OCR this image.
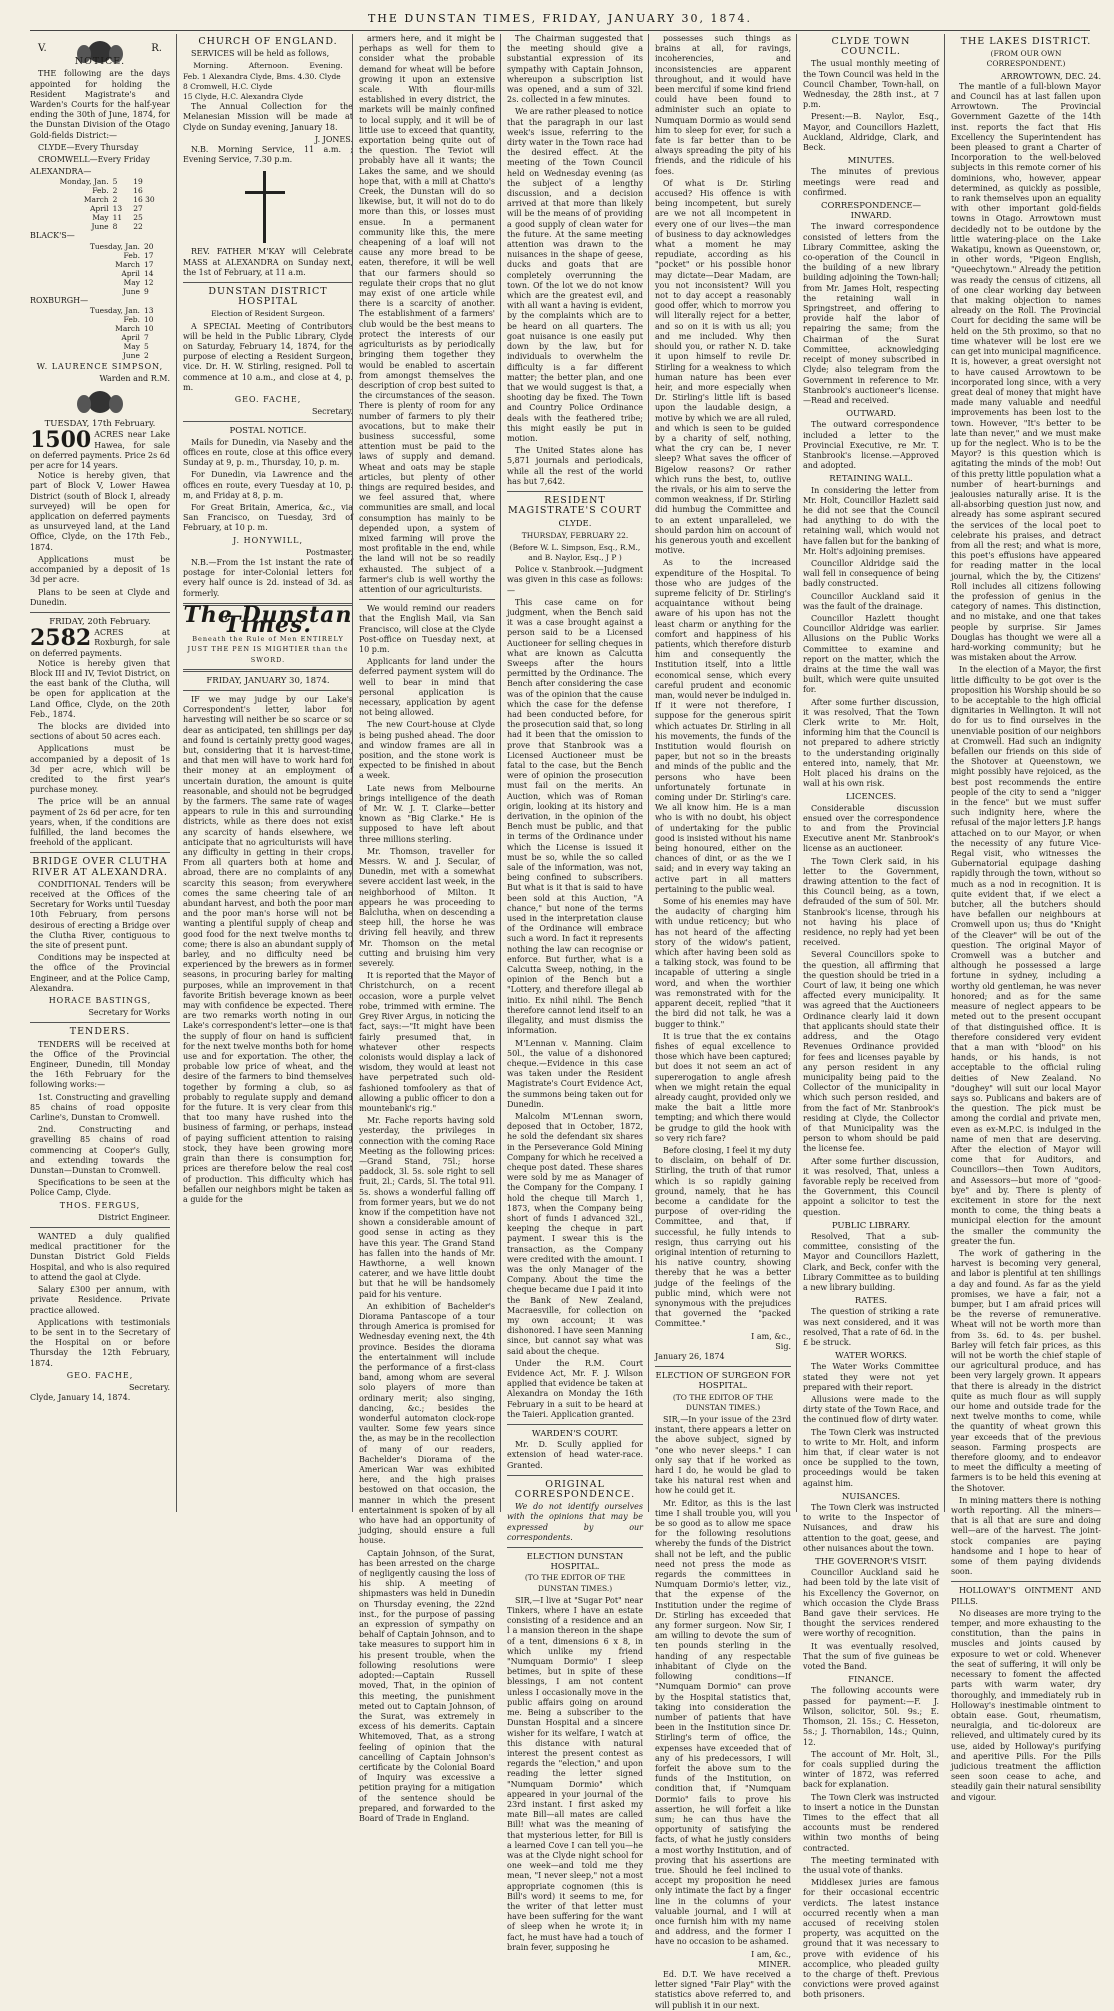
THE DUNSTAN TIMES, FRIDAY, JANUARY 30, 1874.
V.	R.
NOTICE.

THE following are the days appointed for holding the Resident Magistrate's and Warden's Courts for the half-year ending the 30th of June, 1874, for the Dunstan Division of the Otago Gold-fields District:—

CLYDE—Every Thursday

CROMWELL—Every Friday

ALEXANDRA—
Monday, Jan.	5	19
Feb.	2	16
March	2	16 30
April	13	27
May	11	25
June	8	22
BLACK'S—
Tuesday, Jan.	20
Feb.	17
March	17
April	14
May	12
June	9
ROXBURGH—
Tuesday, Jan.	13
Feb.	10
March	10
April	7
May	5
June	2
W. LAURENCE SIMPSON,
Warden and R.M.
TUESDAY, 17th February.
1500 ACRES near Lake Hawea, for sale on deferred payments. Price 2s 6d per acre for 14 years.

Notice is hereby given, that part of Block V, Lower Hawea District (south of Block I, already surveyed) will be open for application on deferred payments as unsurveyed land, at the Land Office, Clyde, on the 17th Feb., 1874.

Applications must be accompanied by a deposit of 1s 3d per acre.

Plans to be seen at Clyde and Dunedin.

FRIDAY, 20th February.
2582 ACRES at Roxburgh, for sale on deferred payments.

Notice is hereby given that Block III and IV, Teviot District, on the east bank of the Clutha, will be open for application at the Land Office, Clyde, on the 20th Feb., 1874.

The blocks are divided into sections of about 50 acres each.

Applications must be accompanied by a deposit of 1s 3d per acre, which will be credited to the first year's purchase money.

The price will be an annual payment of 2s 6d per acre, for ten years, when, if the conditions are fulfilled, the land becomes the freehold of the applicant.

BRIDGE OVER CLUTHA RIVER AT ALEXANDRA.

CONDITIONAL Tenders will be received at the Offices of the Secretary for Works until Tuesday 10th February, from persons desirous of erecting a Bridge over the Clutha River, contiguous to the site of present punt.

Conditions may be inspected at the office of the Provincial Engineer, and at the Police Camp, Alexandra.

HORACE BASTINGS,
Secretary for Works
TENDERS.

TENDERS will be received at the Office of the Provincial Engineer, Dunedin, till Monday the 16th February for the following works:—

1st. Constructing and gravelling 85 chains of road opposite Carline's, Dunstan to Cromwell.

2nd. Constructing and gravelling 85 chains of road commencing at Cooper's Gully, and extending towards the Dunstan—Dunstan to Cromwell.

Specifications to be seen at the Police Camp, Clyde.

THOS. FERGUS,
District Engineer.

WANTED a duly qualified medical practitioner for the Dunstan District Gold Fields Hospital, and who is also required to attend the gaol at Clyde.

Salary £300 per annum, with private Residence. Private practice allowed.

Applications with testimonials to be sent in to the Secretary of the Hospital on or before Thursday the 12th February, 1874.

GEO. FACHE,
Secretary.
Clyde, January 14, 1874.
CHURCH OF ENGLAND.

SERVICES will be held as follows,

Morning.	Afternoon.	Evening.
Feb. 1 Alexandra Clyde, Bms. 4.30. Clyde
8 Cromwell, H.C. Clyde
15 Clyde, H.C. Alexandra Clyde

The Annual Collection for the Melanesian Mission will be made at Clyde on Sunday evening, January 18.

J. JONES.

N.B. Morning Service, 11 a.m. ; Evening Service, 7.30 p.m.

REV. FATHER M'KAY will Celebrate MASS at ALEXANDRA on Sunday next, the 1st of February, at 11 a.m.

DUNSTAN DISTRICT HOSPITAL
Election of Resident Surgeon.

A SPECIAL Meeting of Contributors will be held in the Public Library, Clyde on Saturday, February 14, 1874, for the purpose of electing a Resident Surgeon, vice. Dr. H. W. Stirling, resigned. Poll to commence at 10 a.m., and close at 4, p. m.

GEO. FACHE,
Secretary.
POSTAL NOTICE.

Mails for Dunedin, via Naseby and the offices en route, close at this office every Sunday at 9, p. m., Thursday, 10, p. m.

For Dunedin, via Lawrence and the offices en route, every Tuesday at 10, p. m, and Friday at 8, p. m.

For Great Britain, America, &c., via San Francisco, on Tuesday, 3rd of February, at 10 p. m.

J. HONYWILL,
Postmaster.

N.B.—From the 1st instant the rate of postage for inter-Colonial letters for every half ounce is 2d. instead of 3d. as formerly.

The Dunstan Times.
Beneath the Rule of Men ENTIRELY JUST THE PEN IS MIGHTIER than the SWORD.
FRIDAY, JANUARY 30, 1874.

IF we may judge by our Lake's Correspondent's letter, labor for harvesting will neither be so scarce or so dear as anticipated, ten shillings per day and found is certainly pretty good wages, but, considering that it is harvest-time, and that men will have to work hard for their money at an employment of uncertain duration, the amount is quite reasonable, and should not be begrudged by the farmers. The same rate of wages appears to rule in this and surrounding districts, while as there does not exist any scarcity of hands elsewhere, we anticipate that no agriculturists will have any difficulty in getting in their crops. From all quarters both at home and abroad, there are no complaints of any scarcity this season; from everywhere comes the same cheering tale of an abundant harvest, and both the poor man and the poor man's horse will not be wanting a plentiful supply of cheap and good food for the next twelve months to come; there is also an abundant supply of barley, and no difficulty need be experienced by the brewers as in former seasons, in procuring barley for malting purposes, while an improvement in that favorite British beverage known as beer may with confidence be expected. There are two remarks worth noting in our Lake's correspondent's letter—one is that the supply of flour on hand is sufficient for the next twelve months both for home use and for exportation. The other, the probable low price of wheat, and the desire of the farmers to bind themselves together by forming a club, so as probably to regulate supply and demand for the future. It is very clear from this that too many have rushed into the business of farming, or perhaps, instead of paying sufficient attention to raising stock, they have been growing more grain than there is consumption for, prices are therefore below the real cost of production. This difficulty which has befallen our neighbors might be taken as a guide for the

armers here, and it might be perhaps as well for them to consider what the probable demand for wheat will be before growing it upon an extensive scale. With flour-mills established in every district, the markets will be mainly confined to local supply, and it will be of little use to exceed that quantity, exportation being quite out of the question. The Teviot will probably have all it wants; the Lakes the same, and we should hope that, with a mill at Chatto's Creek, the Dunstan will do so likewise, but, it will not do to do more than this, or losses must ensue. In a permanent community like this, the mere cheapening of a loaf will not cause any more bread to be eaten, therefore, it will be well that our farmers should so regulate their crops that no glut may exist of one article while there is a scarcity of another. The establishment of a farmers' club would be the best means to protect the interests of our agriculturists as by periodically bringing them together they would be enabled to ascertain from amongst themselves the description of crop best suited to the circumstances of the season. There is plenty of room for any number of farmers to ply their avocations, but to make their business successful, some attention must be paid to the laws of supply and demand. Wheat and oats may be staple articles, but plenty of other things are required besides, and we feel assured that, where communities are small, and local consumption has mainly to be depended upon, a system of mixed farming will prove the most profitable in the end, while the land will not be so readily exhausted. The subject of a farmer's club is well worthy the attention of our agriculturists.

We would remind our readers that the English Mail, via San Francisco, will close at the Clyde Post-office on Tuesday next, at 10 p.m.

Applicants for land under the deferred payment system will do well to bear in mind that personal application is necessary, application by agent not being allowed.

The new Court-house at Clyde is being pushed ahead. The door and window frames are all in position, and the stone work is expected to be finished in about a week.

Late news from Melbourne brings intelligence of the death of Mr. W. J. T. Clarke—better known as "Big Clarke." He is supposed to have left about three millions sterling.

Mr. Thomson, traveller for Messrs. W. and J. Secular, of Dunedin, met with a somewhat severe accident last week, in the neighborhood of Milton. It appears he was proceeding to Balclutha, when on descending a steep hill, the horse he was driving fell heavily, and threw Mr. Thomson on the metal cutting and bruising him very severely.

It is reported that the Mayor of Christchurch, on a recent occasion, wore a purple velvet robe, trimmed with ermine. The Grey River Argus, in noticing the fact, says:—"It might have been fairly presumed that, in whatever other respects colonists would display a lack of wisdom, they would at least not have perpetrated such old-fashioned tomfoolery as that of allowing a public officer to don a mountebank's rig."

Mr. Fache reports having sold yesterday, the privileges in connection with the coming Race Meeting as the following prices:—Grand Stand, 75l.; horse paddock, 3l. 5s. sole right to sell fruit, 2l.; Cards, 5l. The total 91l. 5s. shows a wonderful falling off from former years, but we do not know if the competition have not shown a considerable amount of good sense in acting as they have this year. The Grand Stand has fallen into the hands of Mr. Hawthorne, a well known caterer, and we have little doubt but that he will be handsomely paid for his venture.

An exhibition of Bachelder's Diorama Pantascope of a tour through America is promised for Wednesday evening next, the 4th province. Besides the diorama the entertainment will include the performance of a first-class band, among whom are several solo players of more than ordinary merit; also singing, dancing, &c.; besides the wonderful automaton clock-rope vaulter. Some few years since the, as may be in the recollection of many of our readers, Bachelder's Diorama of the American War was exhibited here, and the high praises bestowed on that occasion, the manner in which the present entertainment is spoken of by all who have had an opportunity of judging, should ensure a full house.

Captain Johnson, of the Surat, has been arrested on the charge of negligently causing the loss of his ship. A meeting of shipmasters was held in Dunedin on Thursday evening, the 22nd inst., for the purpose of passing an expression of sympathy on behalf of Captain Johnson, and to take measures to support him in his present trouble, when the following resolutions were adopted:—Captain Russell moved, That, in the opinion of this meeting, the punishment meted out to Captain Johnson, of the Surat, was extremely in excess of his demerits. Captain Whitemoved, That, as a strong feeling of opinion that the cancelling of Captain Johnson's certificate by the Colonial Board of Inquiry was excessive a petition praying for a mitigation of the sentence should be prepared, and forwarded to the Board of Trade in England.

The Chairman suggested that the meeting should give a substantial expression of its sympathy with Captain Johnson, whereupon a subscription list was opened, and a sum of 32l. 2s. collected in a few minutes.

We are rather pleased to notice that the paragraph in our last week's issue, referring to the dirty water in the Town race had the desired effect. At the meeting of the Town Council held on Wednesday evening (as the subject of a lengthy discussion, and a decision arrived at that more than likely will be the means of of providing a good supply of clean water for the future. At the same meeting attention was drawn to the nuisances in the shape of geese, ducks and goats that are completely overrunning the town. Of the lot we do not know which are the greatest evil, and with all want a having is evident, by the complaints which are to be heard on all quarters. The goat nuisance is one easily put down by the law, but for individuals to overwhelm the difficulty is a far different matter; the better plan, and one that we would suggest is that, a shooting day be fixed. The Town and Country Police Ordinance deals with the feathered tribe; this might easily be put in motion.

The United States alone has 5,871 journals and periodicals, while all the rest of the world has but 7,642.

RESIDENT MAGISTRATE'S COURT
CLYDE.
THURSDAY, FEBRUARY 22.
(Before W. L. Simpson, Esq., R.M., and B. Naylor, Esq., J P )

Police v. Stanbrook.—Judgment was given in this case as follows:—

This case came on for judgment, when the Bench said it was a case brought against a person said to be a Licensed Auctioneer for selling cheques in what are known as Calcutta Sweeps after the hours permitted by the Ordinance. The Bench after considering the case was of the opinion that the cause which the case for the defense had been conducted before, for the prosecution said that, so long had it been that the omission to prove that Stanbrook was a Licensed Auctioneer must be fatal to the case, but the Bench were of opinion the prosecution must fail on the merits. An Auction, which was of Roman origin, looking at its history and derivation, in the opinion of the Bench must be public, and that in terms of the Ordinance under which the License is issued it must be so, while the so called sale of the information, was not, being confined to subscribers. But what is it that is said to have been sold at this Auction, "A chance," but none of the terms used in the interpretation clause of the Ordinance will embrace such a word. In fact it represents nothing the law can recognise or enforce. But further, what is a Calcutta Sweep, nothing, in the opinion of the Bench but a "Lottery, and therefore illegal ab initio. Ex nihil nihil. The Bench therefore cannot lend itself to an illegality, and must dismiss the information.

M'Lennan v. Manning. Claim 50l., the value of a dishonored cheque.—Evidence in this case was taken under the Resident Magistrate's Court Evidence Act, the summons being taken out for Dunedin.

Malcolm M'Lennan sworn, deposed that in October, 1872, he sold the defendant six shares in the Perseverance Gold Mining Company for which he received a cheque post dated. These shares were sold by me as Manager of the Company for the Company. I hold the cheque till March 1, 1873, when the Company being short of funds I advanced 32l., keeping the cheque in part payment. I swear this is the transaction, as the Company were credited with the amount. I was the only Manager of the Company. About the time the cheque became due I paid it into the Bank of New Zealand, Macraesville, for collection on my own account; it was dishonored. I have seen Manning since, but cannot say what was said about the cheque.

Under the R.M. Court Evidence Act, Mr. F. J. Wilson applied that evidence be taken at Alexandra on Monday the 16th February in a suit to be heard at the Taieri. Application granted.

WARDEN'S COURT.

Mr. D. Scully applied for extension of head water-race. Granted.

ORIGINAL CORRESPONDENCE.

We do not identify ourselves with the opinions that may be expressed by our correspondents.

ELECTION DUNSTAN HOSPITAL.
(TO THE EDITOR OF THE DUNSTAN TIMES.)

SIR,—I live at "Sugar Pot" near Tinkers, where I have an estate consisting of a residence and an l a mansion thereon in the shape of a tent, dimensions 6 x 8, in which unlike my friend "Numquam Dormio" I sleep betimes, but in spite of these blessings, I am not content unless I occasionally move in the public affairs going on around me. Being a subscriber to the Dunstan Hospital and a sincere wisher for its welfare, I watch at this distance with natural interest the present contest as regards the "election," and upon reading the letter signed "Numquam Dormio" which appeared in your journal of the 23rd instant. I first asked my mate Bill—all mates are called Bill! what was the meaning of that mysterious letter, for Bill is a learned Cove I can tell you—he was at the Clyde night school for one week—and told me they mean, "I never sleep," not a most appropriate cognomen (this is Bill's word) it seems to me, for the writer of that letter must have been suffering for the want of sleep when he wrote it; in fact, he must have had a touch of brain fever, supposing he

possesses such things as brains at all, for ravings, incoherencies, and inconsistencies are apparent throughout, and it would have been merciful if some kind friend could have been found to administer such an opiate to Numquam Dormio as would send him to sleep for ever, for such a fate is far better than to be always spreading the pity of his friends, and the ridicule of his foes.

Of what is Dr. Stirling accused? His offence is with being incompetent, but surely are we not all incompetent in every one of our lives—the man of business to day acknowledges what a moment he may repudiate, according as his "pocket" or his possible honor may dictate—Dear Madam, are you not inconsistent? Will you not to day accept a reasonably good offer, which to morrow you will literally reject for a better, and so on it is with us all; you and me included. Why then should you, or rather N. D. take it upon himself to revile Dr. Stirling for a weakness to which human nature has been ever heir, and more especially when Dr. Stirling's little lift is based upon the laudable design, a motive by which we are all ruled, and which is seen to be guided by a charity of self, nothing, what the cry can be, I never sleep? What saves the officer of Bigelow reasons? Or rather which runs the best, to, outlive the rivals, or his aim to serve the common weakness, if Dr. Stirling did humbug the Committee and to an extent unparalleled, we should pardon him on account of his generous youth and excellent motive.

As to the increased expenditure of the Hospital. To those who are judges of the supreme felicity of Dr. Stirling's acquaintance without being aware of his upon has not the least charm or anything for the comfort and happiness of his patients, which therefore disturb him and consequently the Institution itself, into a little economical sense, which every careful prudent and economic man, would never be indulged in. If it were not therefore, I suppose for the generous spirit which actuates Dr. Stirling in all his movements, the funds of the Institution would flourish on paper, but not so in the breasts and minds of the public and the persons who have been unfortunately fortunate in coming under Dr. Stirling's care. We all know him. He is a man who is with no doubt, his object of undertaking for the public good is insisted without his name being honoured, either on the chances of dint, or as the we I said; and in every way taking an active part in all matters pertaining to the public weal.

Some of his enemies may have the audacity of charging him with undue reticency; but who has not heard of the affecting story of the widow's patient, which after having been sold as a talking stock, was found to be incapable of uttering a single word, and when the worthier was remonstrated with for the apparent deceit, replied "that it the bird did not talk, he was a bugger to think."

It is true that the ex contains fishes of equal excellence to those which have been captured; but does it not seem an act of supererogation to angle afresh when we might retain the equal already caught, provided only we make the bait a little more tempting; and which there would be grudge to gild the hook with so very rich fare?

Before closing, I feel it my duty to disclaim, on behalf of Dr. Stirling, the truth of that rumor which is so rapidly gaining ground, namely, that he has become a candidate for the purpose of over-riding the Committee, and that, if successful, he fully intends to resign, thus carrying out his original intention of returning to his native country, showing thereby that he was a better judge of the feelings of the public mind, which were not synonymous with the prejudices that governed the "packed Committee."

I am, &c.,
Sig.
January 26, 1874
ELECTION OF SURGEON FOR HOSPITAL.
(TO THE EDITOR OF THE DUNSTAN TIMES.)

SIR,—In your issue of the 23rd instant, there appears a letter on the above subject, signed by "one who never sleeps." I can only say that if he worked as hard I do, he would be glad to take his natural rest when and how he could get it.

Mr. Editor, as this is the last time I shall trouble you, will you be so good as to allow me space for the following resolutions whereby the funds of the District shall not be left, and the public need not press the mode as regards the committees in Numquam Dormio's letter, viz., that the expense of the Institution under the regime of Dr. Stirling has exceeded that any former surgeon. Now Sir, I am willing to devote the sum of ten pounds sterling in the handing of any respectable inhabitant of Clyde on the following conditions—If "Numquam Dormio" can prove by the Hospital statistics that, taking into consideration the number of patients that have been in the Institution since Dr. Stirling's term of office, the expenses have exceeded that of any of his predecessors, I will forfeit the above sum to the funds of the Institution, on condition that, if "Numquam Dormio" fails to prove his assertion, he will forfeit a like sum; he can thus have the opportunity of satisfying the facts, of what he justly considers a most worthy Institution, and of proving that his assertions are true. Should he feel inclined to accept my proposition he need only intimate the fact by a finger line in the columns of your valuable journal, and I will at once furnish him with my name and address, and the former I have no occasion to be ashamed.

I am, &c.,
MINER.

Ed. D.T. We have received a letter signed "Fair Play" with the statistics above referred to, and will publish it in our next.

THE LAKES DISTRICT.
(FROM OUR OWN CORRESPONDENT.)
ARROWTOWN, DEC. 24.

The mantle of a full-blown Mayor and Council has at last fallen upon Arrowtown. The Provincial Government Gazette of the 14th inst. reports the fact that His Excellency the Superintendent has been pleased to grant a Charter of Incorporation to the well-beloved subjects in this remote corner of his dominions, who, however, appear determined, as quickly as possible, to rank themselves upon an equality with other important gold-fields towns in Otago. Arrowtown must decidedly not to be outdone by the little watering-place on the Lake Wakatipu, known as Queenstown, or, in other words, "Pigeon English, "Queechytown." Already the petition was ready the census of citizens, all of one clear working day between that making objection to names already on the Roll. The Provincial Court for deciding the same will be held on the 5th proximo, so that no time whatever will be lost ere we can get into municipal magnificence. It is, however, a great oversight not to have caused Arrowtown to be incorporated long since, with a very great deal of money that might have made many valuable and needful improvements has been lost to the town. However, "It's better to be late than never," and we must make up for the neglect. Who is to be the Mayor? is this question which is agitating the minds of the mob! Out of this pretty little population what a number of heart-burnings and jealousies naturally arise. It is the all-absorbing question just now, and already has some aspirant secured the services of the local poet to celebrate his praises, and detract from all the rest; and what is more, this poet's effusions have appeared for reading matter in the local journal, which the by, the Citizens' Roll includes all citizens following the profession of genius in the category of names. This distinction, and no mistake, and one that takes people by surprise. Sir James Douglas has thought we were all a hard-working community; but he was mistaken about the Arrow.

In the election of a Mayor, the first little difficulty to be got over is the proposition his Worship should be so to be acceptable to the high official dignitaries in Wellington. It will not do for us to find ourselves in the unenviable position of our neighbors at Cromwell. Had such an indignity befallen our friends on this side of the Shotover at Queenstown, we might possibly have rejoiced, as the best post recommends the entire people of the city to send a "nigger in the fence" but we must suffer such indignity here, where the refusal of the major letters J.P. hangs attached on to our Mayor, or when the necessity of any future Vice-Regal visit, who witnesses the Gubernatorial equipage dashing rapidly through the town, without so much as a nod in recognition. It is quite evident that, if we elect a butcher, all the butchers should have befallen our neighbours at Cromwell upon us; thus do "Knight of the Cleaver" will be out of the question. The original Mayor of Cromwell was a butcher and although he possessed a large fortune in sydney, including a worthy old gentleman, he was never honored; and as for the same measure of neglect appears to be meted out to the present occupant of that distinguished office. It is therefore considered very evident that a man with "blood" on his hands, or his hands, is not acceptable to the official ruling deities of New Zealand. No "doughey" will suit our local Mayor says so. Publicans and bakers are of the question. The pick must be among the cordial and private men, even as ex-M.P.C. is indulged in the name of men that are deserving. After the election of Mayor will come that for Auditors, and Councillors—then Town Auditors, and Assessors—but more of "good-bye" and by. There is plenty of excitement in store for the next month to come, the thing beats a municipal election for the amount the smaller the community the greater the fun.

The work of gathering in the harvest is becoming very general, and labor is plentiful at ten shillings a day and found. As far as the yield promises, we have a fair, not a bumper, but I am afraid prices will be the reverse of remunerative. Wheat will not be worth more than from 3s. 6d. to 4s. per bushel. Barley will fetch fair prices, as this will not be worth the chief staple of our agricultural produce, and has been very largely grown. It appears that there is already in the district quite as much flour as will supply our home and outside trade for the next twelve months to come, while the quantity of wheat grown this year exceeds that of the previous season. Farming prospects are therefore gloomy, and to endeavor to meet the difficulty a meeting of farmers is to be held this evening at the Shotover.

In mining matters there is nothing worth reporting. All the miners—that is all that are sure and doing well—are of the harvest. The joint-stock companies are paying handsome and I hope to hear of some of them paying dividends soon.

HOLLOWAY'S OINTMENT AND PILLS.

No diseases are more trying to the temper, and more exhausting to the constitution, than the pains in muscles and joints caused by exposure to wet or cold. Whenever the seat of suffering, it will only be necessary to foment the affected parts with warm water, dry thoroughly, and immediately rub in Holloway's inestimable ointment to obtain ease. Gout, rheumatism, neuralgia, and tic-doloreux are relieved, and ultimately cured by its use, aided by Holloway's purifying and aperitive Pills. For the Pills judicious treatment the affliction seen soon cease to ache, and steadily gain their natural sensibility and vigour.

CLYDE TOWN COUNCIL.

The usual monthly meeting of the Town Council was held in the Council Chamber, Town-hall, on Wednesday, the 28th inst., at 7 p.m.

Present:—B. Naylor, Esq., Mayor, and Councillors Hazlett, Auckland, Aldridge, Clark, and Beck.

MINUTES.

The minutes of previous meetings were read and confirmed.

CORRESPONDENCE—INWARD.

The inward correspondence consisted of letters from the Library Committee, asking the co-operation of the Council in the building of a new library building adjoining the Town-hall; from Mr. James Holt, respecting the retaining wall in Springstreet, and offering to provide half the labor of repairing the same; from the Chairman of the Surat Committee, acknowledging receipt of money subscribed in Clyde; also telegram from the Government in reference to Mr. Stanbrook's auctioneer's license.—Read and received.

OUTWARD.

The outward correspondence included a letter to the Provincial Executive, re Mr. T. Stanbrook's license.—Approved and adopted.

RETAINING WALL.

In considering the letter from Mr. Holt, Councillor Hazlett said he did not see that the Council had anything to do with the retaining wall, which would not have fallen but for the banking of Mr. Holt's adjoining premises.

Councillor Aldridge said the wall fell in consequence of being badly constructed.

Councillor Auckland said it was the fault of the drainage.

Councillor Hazlett thought Councillor Aldridge was earlier. Allusions on the Public Works Committee to examine and report on the matter, which the drains at the time the wall was built, which were quite unsuited for.

After some further discussion, it was resolved, That the Town Clerk write to Mr. Holt, informing him that the Council is not prepared to adhere strictly to the understanding originally entered into, namely, that Mr. Holt placed his drains on the wall at his own risk.

LICENCES.

Considerable discussion ensued over the correspondence to and from the Provincial Executive anent Mr. Stanbrook's license as an auctioneer.

The Town Clerk said, in his letter to the Government, drawing attention to the fact of this Council being, as a town, defrauded of the sum of 50l. Mr. Stanbrook's license, through his not having his place of residence, no reply had yet been received.

Several Councillors spoke to the question, all affirming that the question should be tried in a Court of law, it being one which affected every municipality. It was agreed that the Auctioneers Ordinance clearly laid it down that applicants should state their address, and the Otago Revenues Ordinance provided for fees and licenses payable by any person resident in any municipality being paid to the Collector of the municipality in which such person resided, and from the fact of Mr. Stanbrook's residing at Clyde, the Collector of that Municipality was the person to whom should be paid the license fee.

After some further discussion, it was resolved, That, unless a favorable reply be received from the Government, this Council appoint a solicitor to test the question.

PUBLIC LIBRARY.

Resolved, That a sub-committee, consisting of the Mayor and Councillors Hazlett, Clark, and Beck, confer with the Library Committee as to building a new library building.

RATES.

The question of striking a rate was next considered, and it was resolved, That a rate of 6d. in the £ be struck.

WATER WORKS.

The Water Works Committee stated they were not yet prepared with their report.

Allusions were made to the dirty state of the Town Race, and the continued flow of dirty water.

The Town Clerk was instructed to write to Mr. Holt, and inform him that, if clear water is not once be supplied to the town, proceedings would be taken against him.

NUISANCES.

The Town Clerk was instructed to write to the Inspector of Nuisances, and draw his attention to the goat, geese, and other nuisances about the town.

THE GOVERNOR'S VISIT.

Councillor Auckland said he had been told by the late visit of his Excellency the Governor, on which occasion the Clyde Brass Band gave their services. He thought the services rendered were worthy of recognition.

It was eventually resolved, That the sum of five guineas be voted the Band.

FINANCE.

The following accounts were passed for payment:—F. J. Wilson, solicitor, 50l. 9s.; E. Thomson, 2l. 15s.; C. Hesseton, 5s.; J. Thornabilon, 14s.; Quinn, 12.

The account of Mr. Holt, 3l., for coals supplied during the winter of 1872, was referred back for explanation.

The Town Clerk was instructed to insert a notice in the Dunstan Times to the effect that all accounts must be rendered within two months of being contracted.

The meeting terminated with the usual vote of thanks.

Middlesex juries are famous for their occasional eccentric verdicts. The latest instance occurred recently when a man accused of receiving stolen property, was acquitted on the ground that it was necessary to prove with evidence of his accomplice, who pleaded guilty to the charge of theft. Previous convictions were proved against both prisoners.
